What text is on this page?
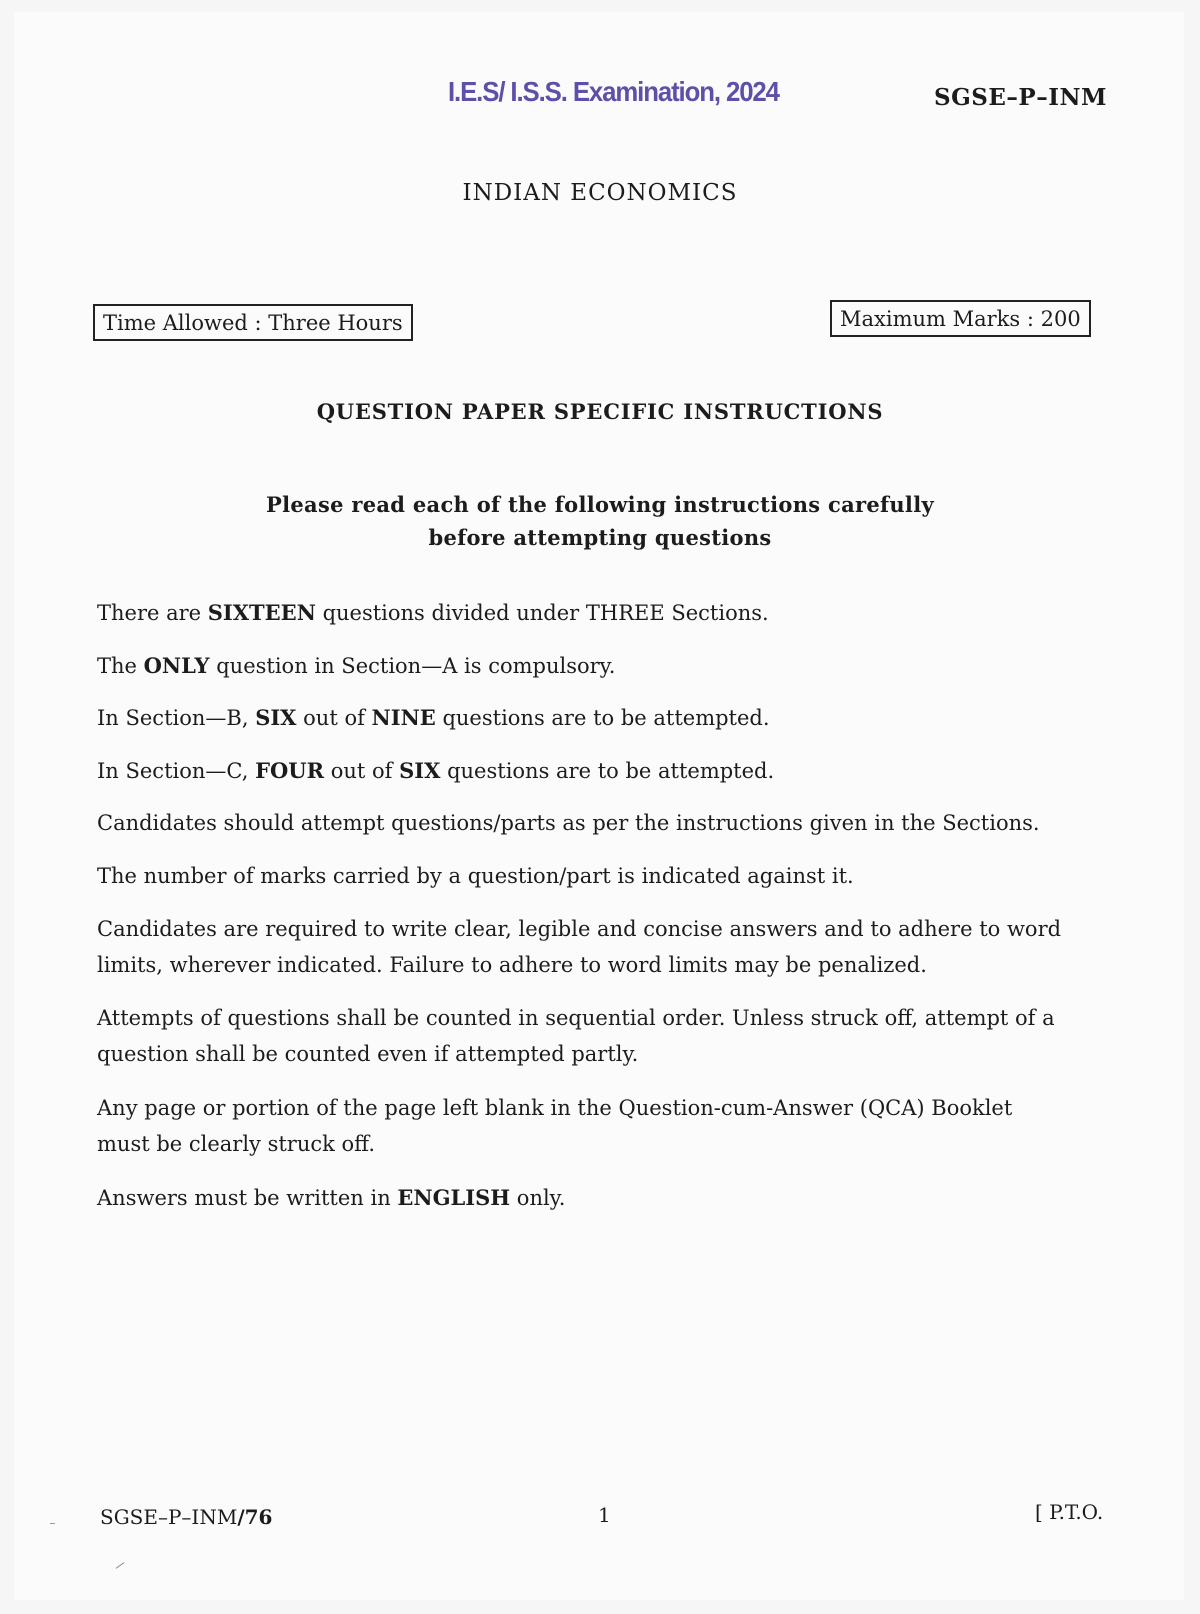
I.E.S/ I.S.S. Examination, 2024	SGSE–P–INM
INDIAN ECONOMICS
Time Allowed : Three Hours	Maximum Marks : 200
QUESTION PAPER SPECIFIC INSTRUCTIONS
Please read each of the following instructions carefully
before attempting questions
There are SIXTEEN questions divided under THREE Sections.
The ONLY question in Section—A is compulsory.
In Section—B, SIX out of NINE questions are to be attempted.
In Section—C, FOUR out of SIX questions are to be attempted.
Candidates should attempt questions/parts as per the instructions given in the Sections.
The number of marks carried by a question/part is indicated against it.
Candidates are required to write clear, legible and concise answers and to adhere to word
limits, wherever indicated. Failure to adhere to word limits may be penalized.
Attempts of questions shall be counted in sequential order. Unless struck off, attempt of a
question shall be counted even if attempted partly.
Any page or portion of the page left blank in the Question-cum-Answer (QCA) Booklet
must be clearly struck off.
Answers must be written in ENGLISH only.
SGSE–P–INM/76	1	[ P.T.O.
